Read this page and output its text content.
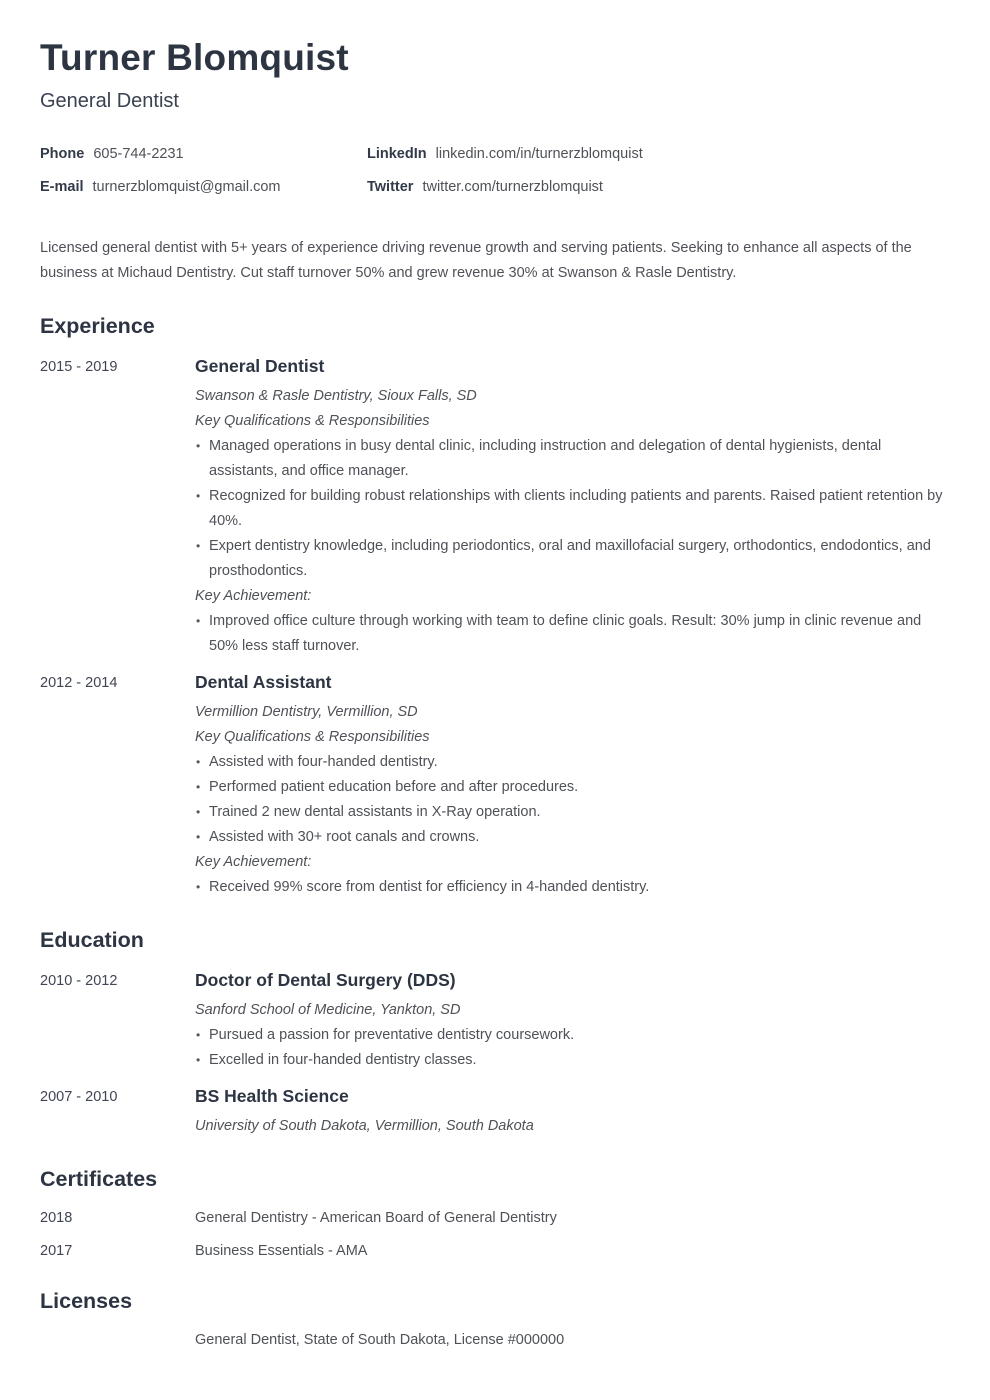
Turner Blomquist
General Dentist
Phone 605-744-2231	LinkedIn linkedin.com/in/turnerzblomquist
E-mail turnerzblomquist@gmail.com	Twitter twitter.com/turnerzblomquist

Licensed general dentist with 5+ years of experience driving revenue growth and serving patients. Seeking to enhance all aspects of the business at Michaud Dentistry. Cut staff turnover 50% and grew revenue 30% at Swanson & Rasle Dentistry.

Experience
2015 - 2019	General Dentist
Swanson & Rasle Dentistry, Sioux Falls, SD
Key Qualifications & Responsibilities
• Managed operations in busy dental clinic, including instruction and delegation of dental hygienists, dental assistants, and office manager.
• Recognized for building robust relationships with clients including patients and parents. Raised patient retention by 40%.
• Expert dentistry knowledge, including periodontics, oral and maxillofacial surgery, orthodontics, endodontics, and prosthodontics.
Key Achievement:
• Improved office culture through working with team to define clinic goals. Result: 30% jump in clinic revenue and 50% less staff turnover.
2012 - 2014	Dental Assistant
Vermillion Dentistry, Vermillion, SD
Key Qualifications & Responsibilities
• Assisted with four-handed dentistry.
• Performed patient education before and after procedures.
• Trained 2 new dental assistants in X-Ray operation.
• Assisted with 30+ root canals and crowns.
Key Achievement:
• Received 99% score from dentist for efficiency in 4-handed dentistry.
Education
2010 - 2012	Doctor of Dental Surgery (DDS)
Sanford School of Medicine, Yankton, SD
• Pursued a passion for preventative dentistry coursework.
• Excelled in four-handed dentistry classes.
2007 - 2010	BS Health Science
University of South Dakota, Vermillion, South Dakota
Certificates
2018	General Dentistry - American Board of General Dentistry
2017	Business Essentials - AMA
Licenses
General Dentist, State of South Dakota, License #000000
